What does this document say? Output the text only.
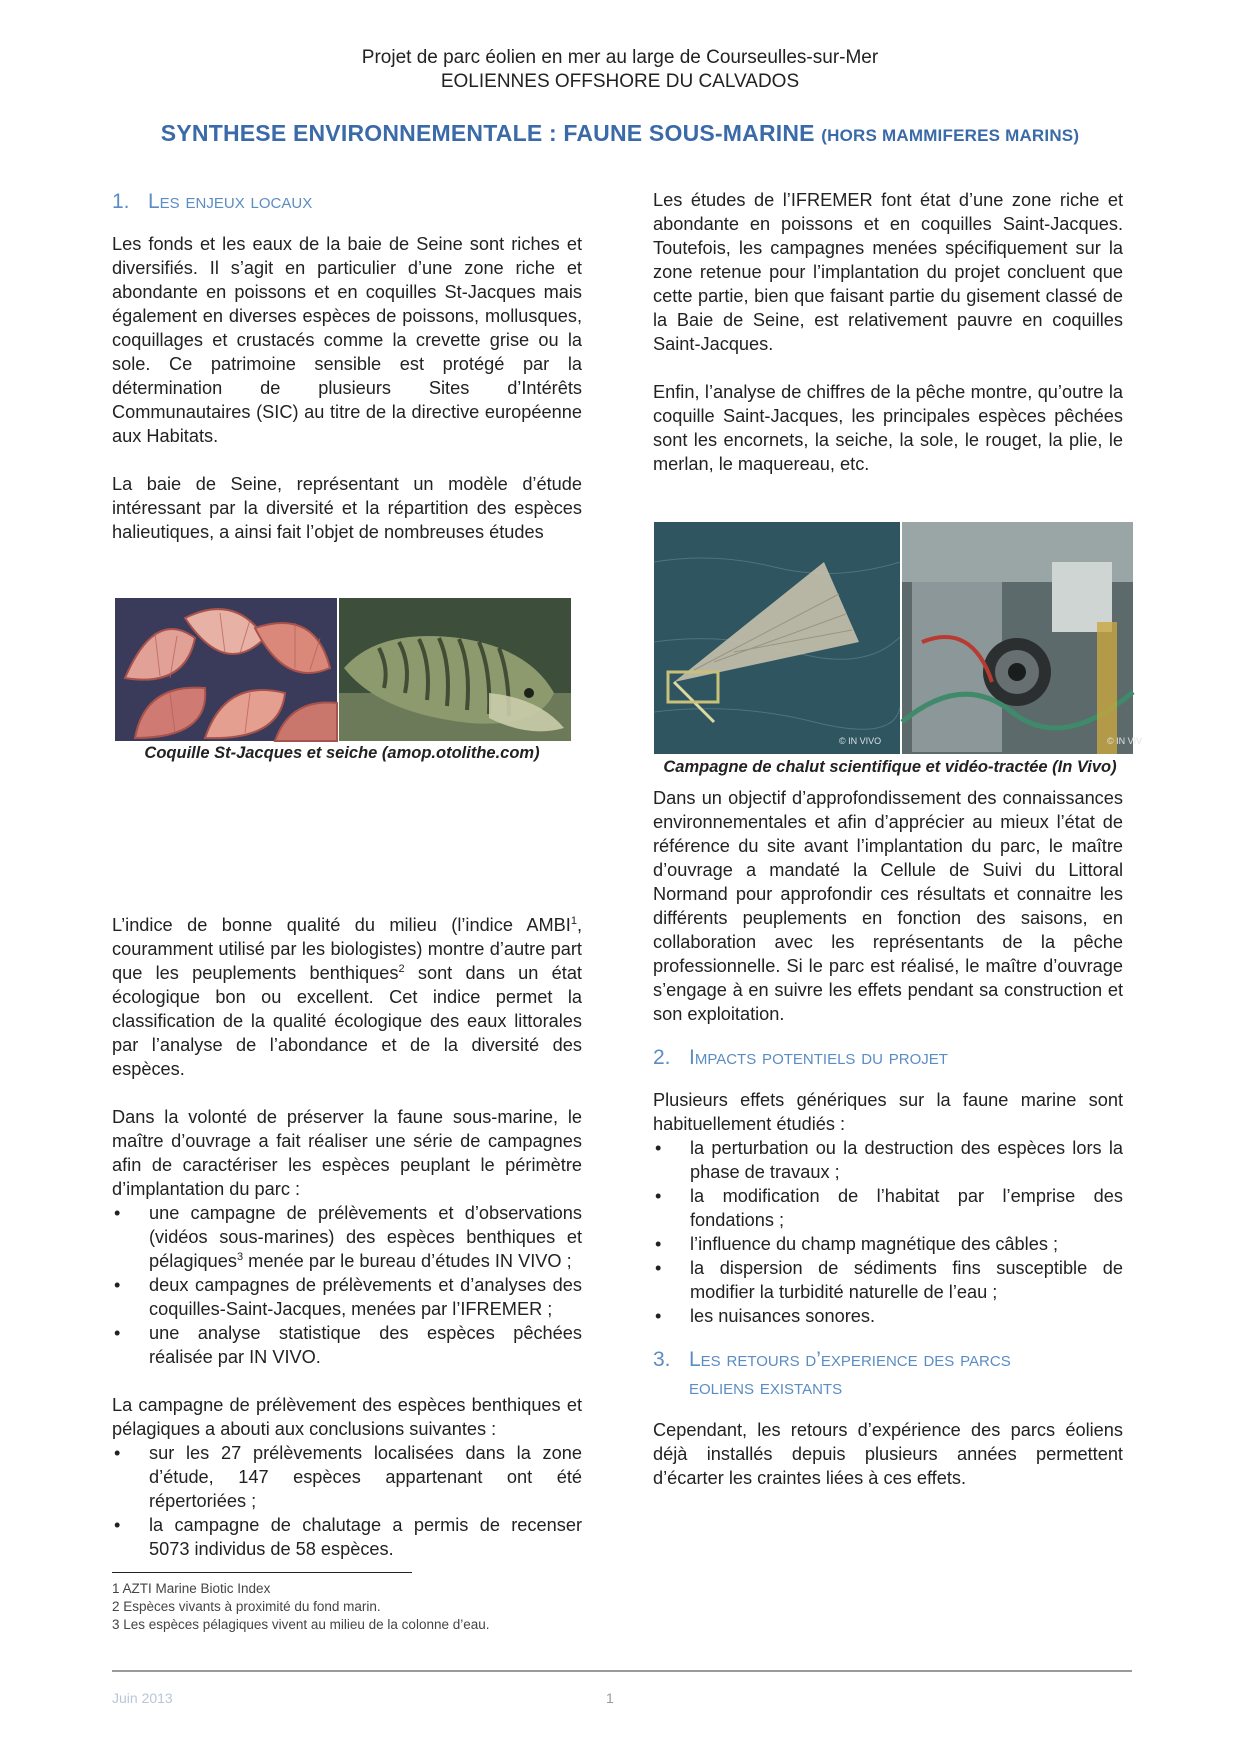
Projet de parc éolien en mer au large de Courseulles-sur-Mer
EOLIENNES OFFSHORE DU CALVADOS
SYNTHESE ENVIRONNEMENTALE : FAUNE SOUS-MARINE (HORS MAMMIFERES MARINS)
1. Les enjeux locaux

Les fonds et les eaux de la baie de Seine sont riches et diversifiés. Il s’agit en particulier d’une zone riche et abondante en poissons et en coquilles St-Jacques mais également en diverses espèces de poissons, mollusques, coquillages et crustacés comme la crevette grise ou la sole. Ce patrimoine sensible est protégé par la détermination de plusieurs Sites d’Intérêts Communautaires (SIC) au titre de la directive européenne aux Habitats.

La baie de Seine, représentant un modèle d’étude intéressant par la diversité et la répartition des espèces halieutiques, a ainsi fait l’objet de nombreuses études

L’indice de bonne qualité du milieu (l’indice AMBI$^1$, couramment utilisé par les biologistes) montre d’autre part que les peuplements benthiques$^2$ sont dans un état écologique bon ou excellent. Cet indice permet la classification de la qualité écologique des eaux littorales par l’analyse de l’abondance et de la diversité des espèces.

Dans la volonté de préserver la faune sous-marine, le maître d’ouvrage a fait réaliser une série de campagnes afin de caractériser les espèces peuplant le périmètre d’implantation du parc :

• une campagne de prélèvements et d’observations (vidéos sous-marines) des espèces benthiques et pélagiques$^3$ menée par le bureau d’études IN VIVO ;
• deux campagnes de prélèvements et d’analyses des coquilles-Saint-Jacques, menées par l’IFREMER ;
• une analyse statistique des espèces pêchées réalisée par IN VIVO.

La campagne de prélèvement des espèces benthiques et pélagiques a abouti aux conclusions suivantes :

• sur les 27 prélèvements localisées dans la zone d’étude, 147 espèces appartenant ont été répertoriées ;
• la campagne de chalutage a permis de recenser 5073 individus de 58 espèces.
Coquille St-Jacques et seiche (amop.otolithe.com)

Les études de l’IFREMER font état d’une zone riche et abondante en poissons et en coquilles Saint-Jacques. Toutefois, les campagnes menées spécifiquement sur la zone retenue pour l’implantation du projet concluent que cette partie, bien que faisant partie du gisement classé de la Baie de Seine, est relativement pauvre en coquilles Saint-Jacques.

Enfin, l’analyse de chiffres de la pêche montre, qu’outre la coquille Saint-Jacques, les principales espèces pêchées sont les encornets, la seiche, la sole, le rouget, la plie, le merlan, le maquereau, etc.

Dans un objectif d’approfondissement des connaissances environnementales et afin d’apprécier au mieux l’état de référence du site avant l’implantation du parc, le maître d’ouvrage a mandaté la Cellule de Suivi du Littoral Normand pour approfondir ces résultats et connaitre les différents peuplements en fonction des saisons, en collaboration avec les représentants de la pêche professionnelle. Si le parc est réalisé, le maître d’ouvrage s’engage à en suivre les effets pendant sa construction et son exploitation.

2. Impacts potentiels du projet

Plusieurs effets génériques sur la faune marine sont habituellement étudiés :

• la perturbation ou la destruction des espèces lors la phase de travaux ;
• la modification de l’habitat par l’emprise des fondations ;
• l’influence du champ magnétique des câbles ;
• la dispersion de sédiments fins susceptible de modifier la turbidité naturelle de l’eau ;
• les nuisances sonores.
3. Les retours d’experience des parcs
eoliens existants

Cependant, les retours d’expérience des parcs éoliens déjà installés depuis plusieurs années permettent d’écarter les craintes liées à ces effets.

© IN VIVO	© IN VIV
Campagne de chalut scientifique et vidéo-tractée (In Vivo)
1 AZTI Marine Biotic Index
2 Espèces vivants à proximité du fond marin.
3 Les espèces pélagiques vivent au milieu de la colonne d’eau.
Juin 2013	1
